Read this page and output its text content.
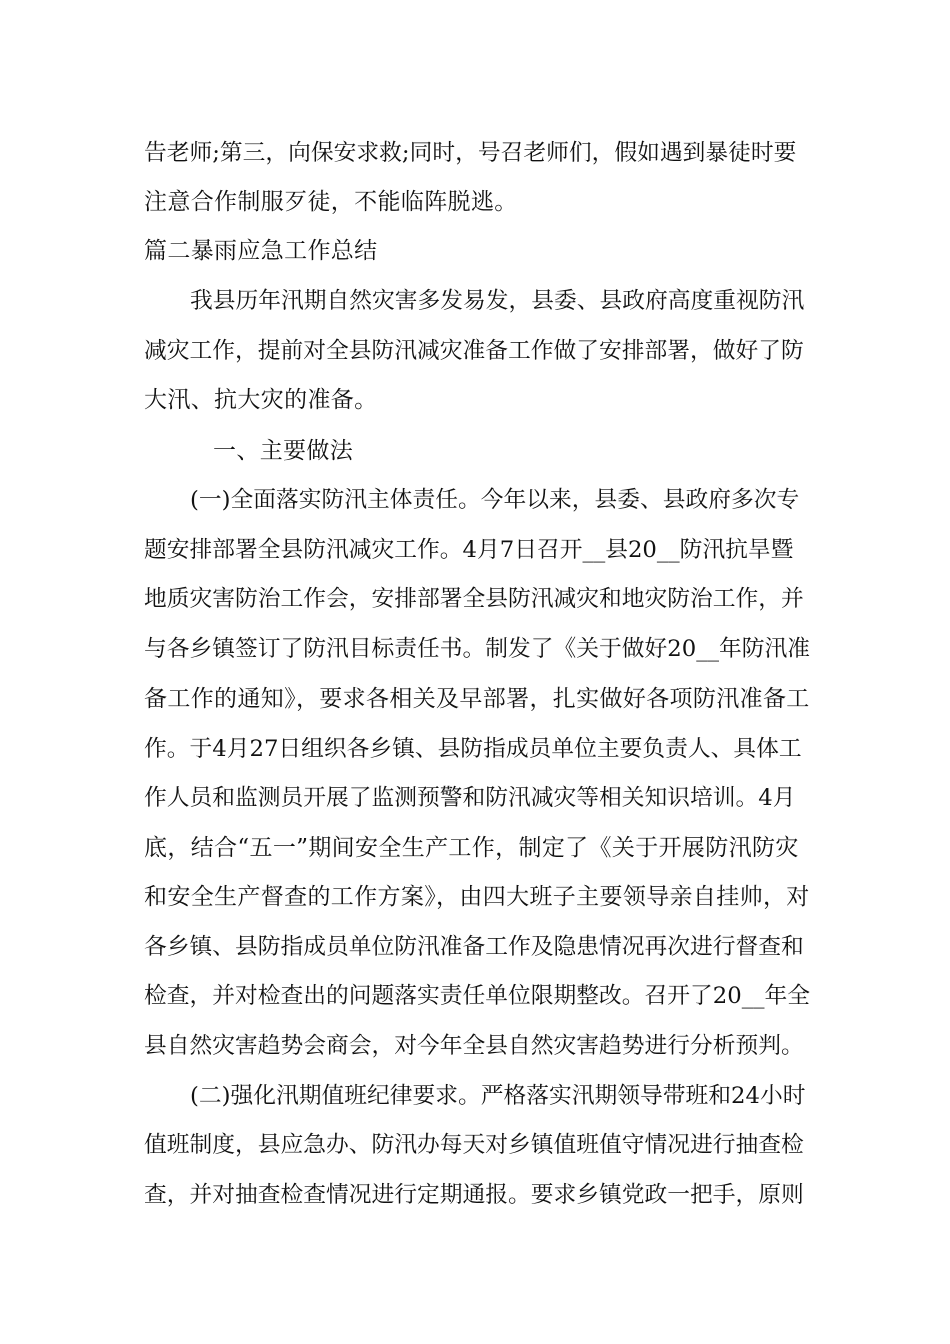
告老师;第三，向保安求救;同时，号召老师们，假如遇到暴徒时要
注意合作制服歹徒，不能临阵脱逃。
篇二暴雨应急工作总结
我县历年汛期自然灾害多发易发，县委、县政府高度重视防汛
减灾工作，提前对全县防汛减灾准备工作做了安排部署，做好了防
大汛、抗大灾的准备。
一、主要做法
(一)全面落实防汛主体责任。今年以来，县委、县政府多次专
题安排部署全县防汛减灾工作。4月7日召开__县20__防汛抗旱暨
地质灾害防治工作会，安排部署全县防汛减灾和地灾防治工作，并
与各乡镇签订了防汛目标责任书。制发了《关于做好20__年防汛准
备工作的通知》，要求各相关及早部署，扎实做好各项防汛准备工
作。于4月27日组织各乡镇、县防指成员单位主要负责人、具体工
作人员和监测员开展了监测预警和防汛减灾等相关知识培训。4月
底，结合“五一”期间安全生产工作，制定了《关于开展防汛防灾
和安全生产督查的工作方案》，由四大班子主要领导亲自挂帅，对
各乡镇、县防指成员单位防汛准备工作及隐患情况再次进行督查和
检查，并对检查出的问题落实责任单位限期整改。召开了20__年全
县自然灾害趋势会商会，对今年全县自然灾害趋势进行分析预判。
(二)强化汛期值班纪律要求。严格落实汛期领导带班和24小时
值班制度，县应急办、防汛办每天对乡镇值班值守情况进行抽查检
查，并对抽查检查情况进行定期通报。要求乡镇党政一把手，原则
